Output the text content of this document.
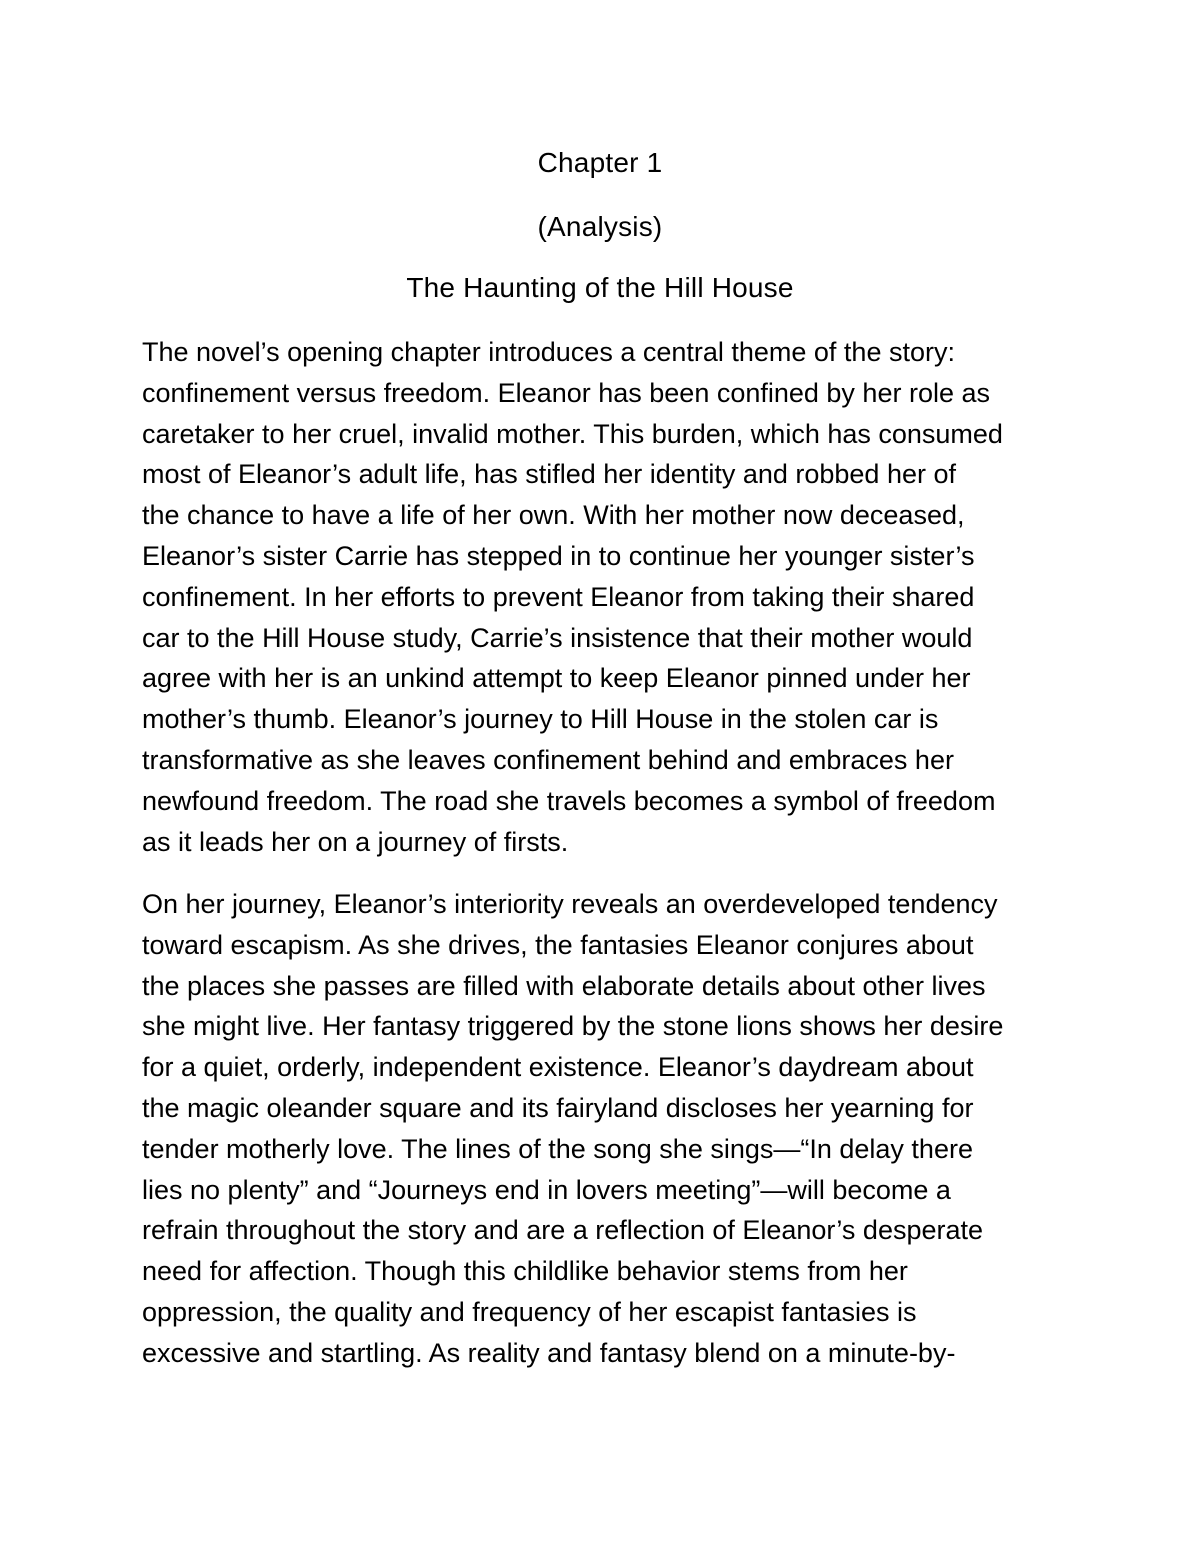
Chapter 1
(Analysis)
The Haunting of the Hill House
The novel’s opening chapter introduces a central theme of the story:
confinement versus freedom. Eleanor has been confined by her role as
caretaker to her cruel, invalid mother. This burden, which has consumed
most of Eleanor’s adult life, has stifled her identity and robbed her of
the chance to have a life of her own. With her mother now deceased,
Eleanor’s sister Carrie has stepped in to continue her younger sister’s
confinement. In her efforts to prevent Eleanor from taking their shared
car to the Hill House study, Carrie’s insistence that their mother would
agree with her is an unkind attempt to keep Eleanor pinned under her
mother’s thumb. Eleanor’s journey to Hill House in the stolen car is
transformative as she leaves confinement behind and embraces her
newfound freedom. The road she travels becomes a symbol of freedom
as it leads her on a journey of firsts.
On her journey, Eleanor’s interiority reveals an overdeveloped tendency
toward escapism. As she drives, the fantasies Eleanor conjures about
the places she passes are filled with elaborate details about other lives
she might live. Her fantasy triggered by the stone lions shows her desire
for a quiet, orderly, independent existence. Eleanor’s daydream about
the magic oleander square and its fairyland discloses her yearning for
tender motherly love. The lines of the song she sings—“In delay there
lies no plenty” and “Journeys end in lovers meeting”—will become a
refrain throughout the story and are a reflection of Eleanor’s desperate
need for affection. Though this childlike behavior stems from her
oppression, the quality and frequency of her escapist fantasies is
excessive and startling. As reality and fantasy blend on a minute-by-
